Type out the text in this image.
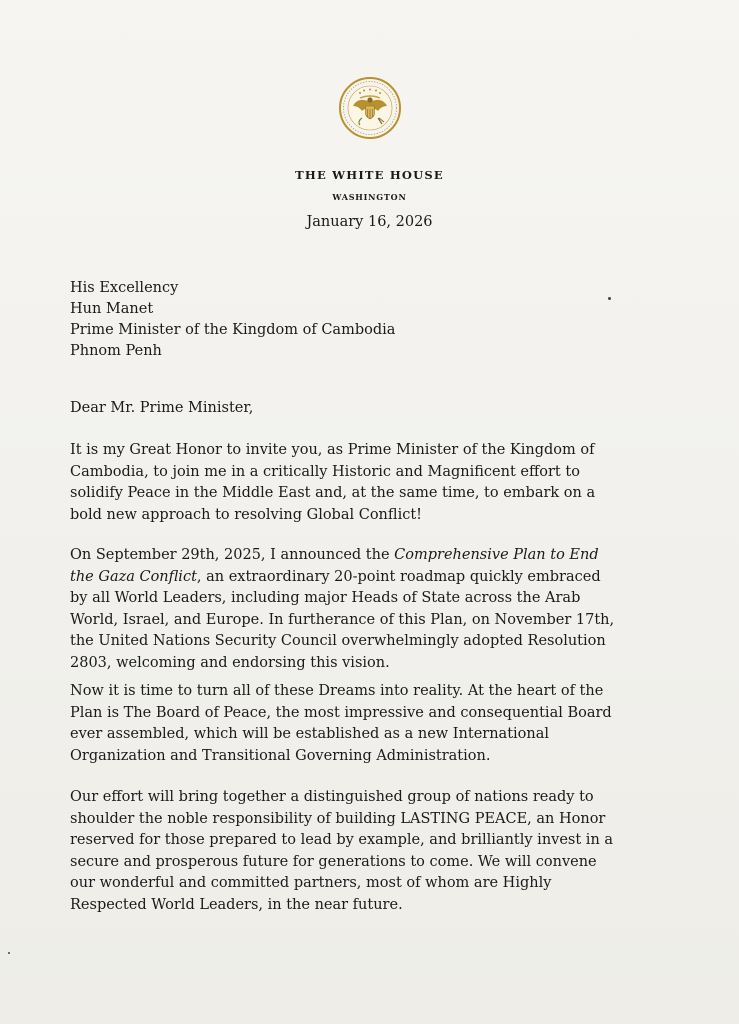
THE WHITE HOUSE
WASHINGTON
January 16, 2026
His Excellency
Hun Manet
Prime Minister of the Kingdom of Cambodia
Phnom Penh
Dear Mr. Prime Minister,
It is my Great Honor to invite you, as Prime Minister of the Kingdom of
Cambodia, to join me in a critically Historic and Magnificent effort to
solidify Peace in the Middle East and, at the same time, to embark on a
bold new approach to resolving Global Conflict!
On September 29th, 2025, I announced the Comprehensive Plan to End
the Gaza Conflict, an extraordinary 20-point roadmap quickly embraced
by all World Leaders, including major Heads of State across the Arab
World, Israel, and Europe. In furtherance of this Plan, on November 17th,
the United Nations Security Council overwhelmingly adopted Resolution
2803, welcoming and endorsing this vision.
Now it is time to turn all of these Dreams into reality. At the heart of the
Plan is The Board of Peace, the most impressive and consequential Board
ever assembled, which will be established as a new International
Organization and Transitional Governing Administration.
Our effort will bring together a distinguished group of nations ready to
shoulder the noble responsibility of building LASTING PEACE, an Honor
reserved for those prepared to lead by example, and brilliantly invest in a
secure and prosperous future for generations to come. We will convene
our wonderful and committed partners, most of whom are Highly
Respected World Leaders, in the near future.
